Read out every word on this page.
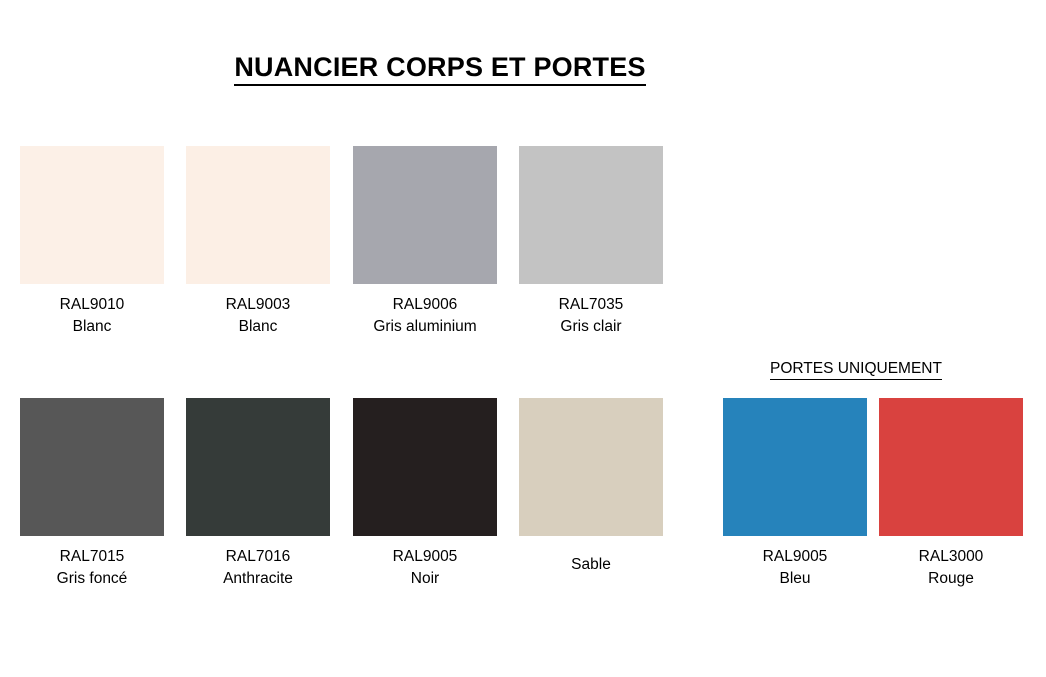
NUANCIER CORPS ET PORTES
RAL9010
Blanc
RAL9003
Blanc
RAL9006
Gris aluminium
RAL7035
Gris clair
RAL7015
Gris foncé
RAL7016
Anthracite
RAL9005
Noir
Sable
PORTES UNIQUEMENT
RAL9005
Bleu
RAL3000
Rouge
